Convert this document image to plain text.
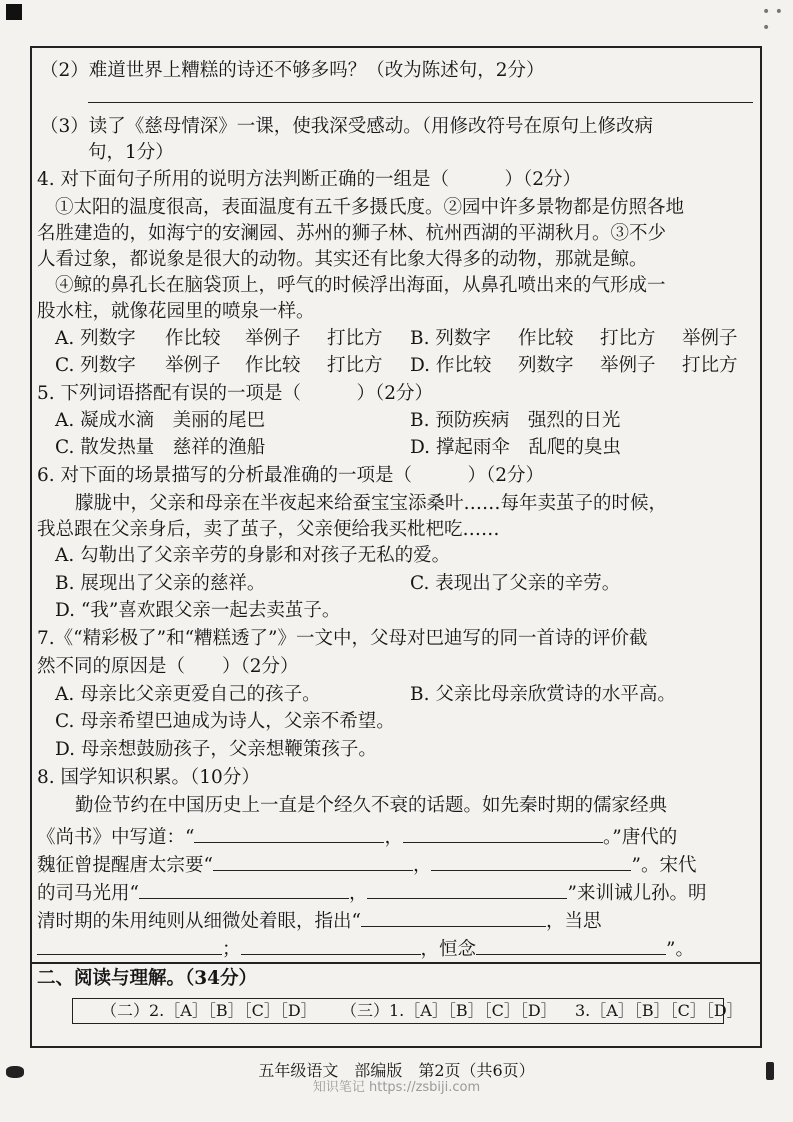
• • •
（2）难道世界上糟糕的诗还不够多吗？（改为陈述句，2分）
（3）读了《慈母情深》一课，使我深受感动。（用修改符号在原句上修改病
句，1分）
4. 对下面句子所用的说明方法判断正确的一组是（　　　）（2分）
①太阳的温度很高，表面温度有五千多摄氏度。②园中许多景物都是仿照各地
名胜建造的，如海宁的安澜园、苏州的狮子林、杭州西湖的平湖秋月。③不少
人看过象，都说象是很大的动物。其实还有比象大得多的动物，那就是鲸。
④鲸的鼻孔长在脑袋顶上，呼气的时候浮出海面，从鼻孔喷出来的气形成一
股水柱，就像花园里的喷泉一样。
A. 列数字 作比较 举例子 打比方 B. 列数字 作比较 打比方 举例子
C. 列数字 举例子 作比较 打比方 D. 作比较 列数字 举例子 打比方
5. 下列词语搭配有误的一项是（　　　）（2分）
A. 凝成水滴　美丽的尾巴	B. 预防疾病　强烈的日光
C. 散发热量　慈祥的渔船	D. 撑起雨伞　乱爬的臭虫
6. 对下面的场景描写的分析最准确的一项是（　　　）（2分）
朦胧中，父亲和母亲在半夜起来给蚕宝宝添桑叶……每年卖茧子的时候，
我总跟在父亲身后，卖了茧子，父亲便给我买枇杷吃……
A. 勾勒出了父亲辛劳的身影和对孩子无私的爱。
B. 展现出了父亲的慈祥。	C. 表现出了父亲的辛劳。
D. “我”喜欢跟父亲一起去卖茧子。
7.《“精彩极了”和“糟糕透了”》一文中，父母对巴迪写的同一首诗的评价截
然不同的原因是（　　）（2分）
A. 母亲比父亲更爱自己的孩子。	B. 父亲比母亲欣赏诗的水平高。
C. 母亲希望巴迪成为诗人，父亲不希望。
D. 母亲想鼓励孩子，父亲想鞭策孩子。
8. 国学知识积累。（10分）
勤俭节约在中国历史上一直是个经久不衰的话题。如先秦时期的儒家经典
《尚书》中写道：“	，	。”唐代的
魏征曾提醒唐太宗要“	，	”。宋代
的司马光用“	，	”来训诫儿孙。明
清时期的朱用纯则从细微处着眼，指出“	，当思
；	，恒念	”。
二、阅读与理解。（34分）
（二）2.［A］［B］［C］［D］ （三）1.［A］［B］［C］［D］ 3.［A］［B］［C］［D］
五年级语文　部编版　第2页（共6页）
知识笔记 https://zsbiji.com
